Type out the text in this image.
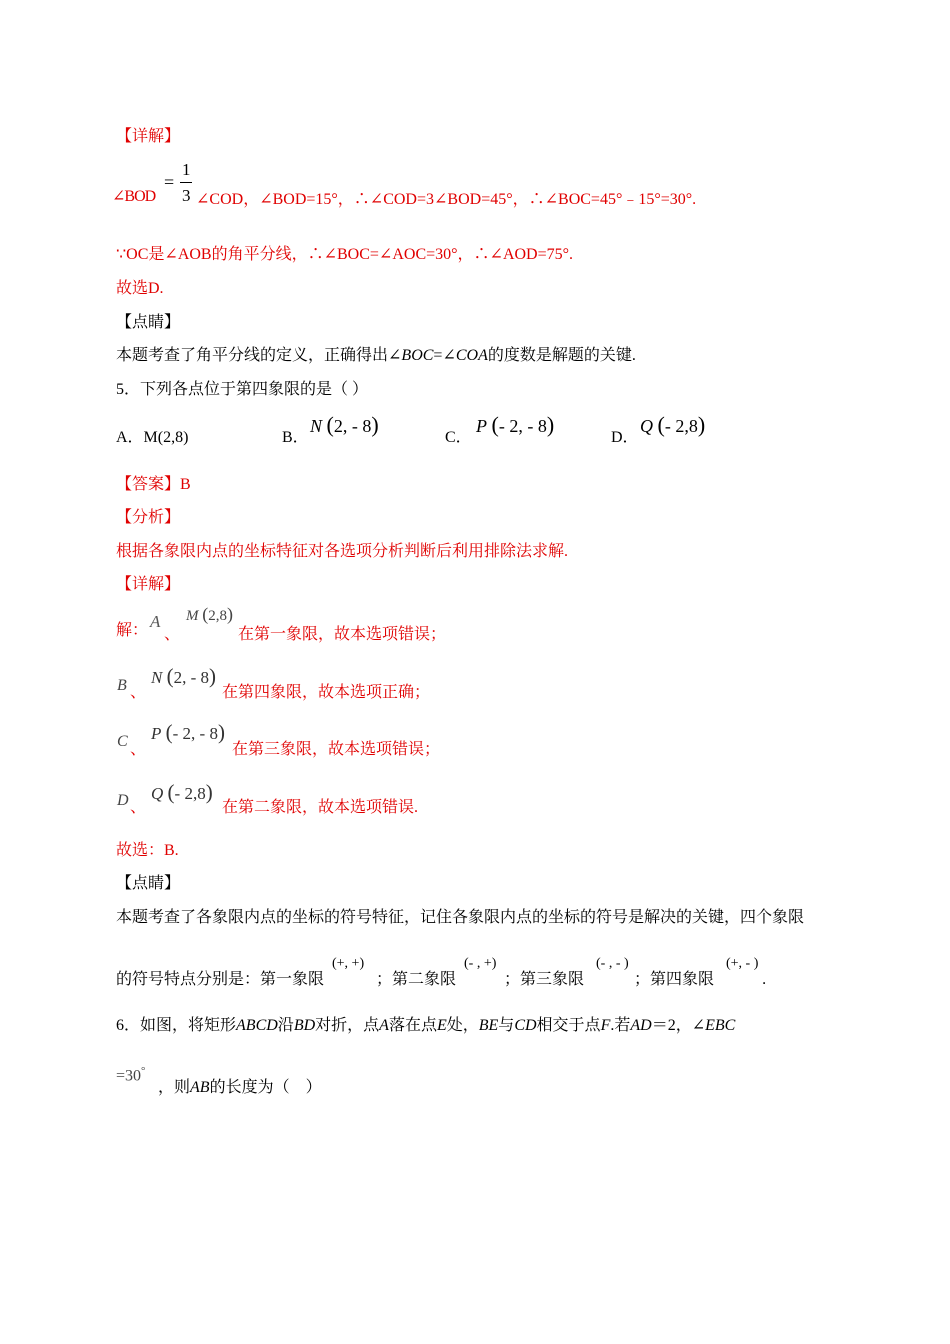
【详解】
∠BOD
=
1
3 ∠COD，∠BOD=15°，∴∠COD=3∠BOD=45°，∴∠BOC=45°﹣15°=30°.
∵OC是∠AOB的角平分线，∴∠BOC=∠AOC=30°，∴∠AOD=75°.
故选D.
【点睛】
本题考查了角平分线的定义，正确得出∠BOC=∠COA的度数是解题的关键.
5．下列各点位于第四象限的是（ ）
A．M(2,8)	B．
N (2, - 8)
C．
P (- 2, - 8)
D．
Q (- 2,8)
【答案】B
【分析】
根据各象限内点的坐标特征对各选项分析判断后利用排除法求解.
【详解】
解： A
、
M (2,8)
在第一象限，故本选项错误；
B 、
N (2, - 8)
在第四象限，故本选项正确；
C 、
P (- 2, - 8)
在第三象限，故本选项错误；
D 、
Q (- 2,8)
在第二象限，故本选项错误.
故选：B.
【点睛】
本题考查了各象限内点的坐标的符号特征，记住各象限内点的坐标的符号是解决的关键，四个象限
的符号特点分别是：第一象限	；第二象限	；第三象限	；第四象限	.
(+, +)	(- , +)	(- , - )	(+, - )
6．如图，将矩形ABCD沿BD对折，点A落在点E处，BE与CD相交于点F.若AD＝2，∠EBC
=30°
，则AB的长度为（　）
